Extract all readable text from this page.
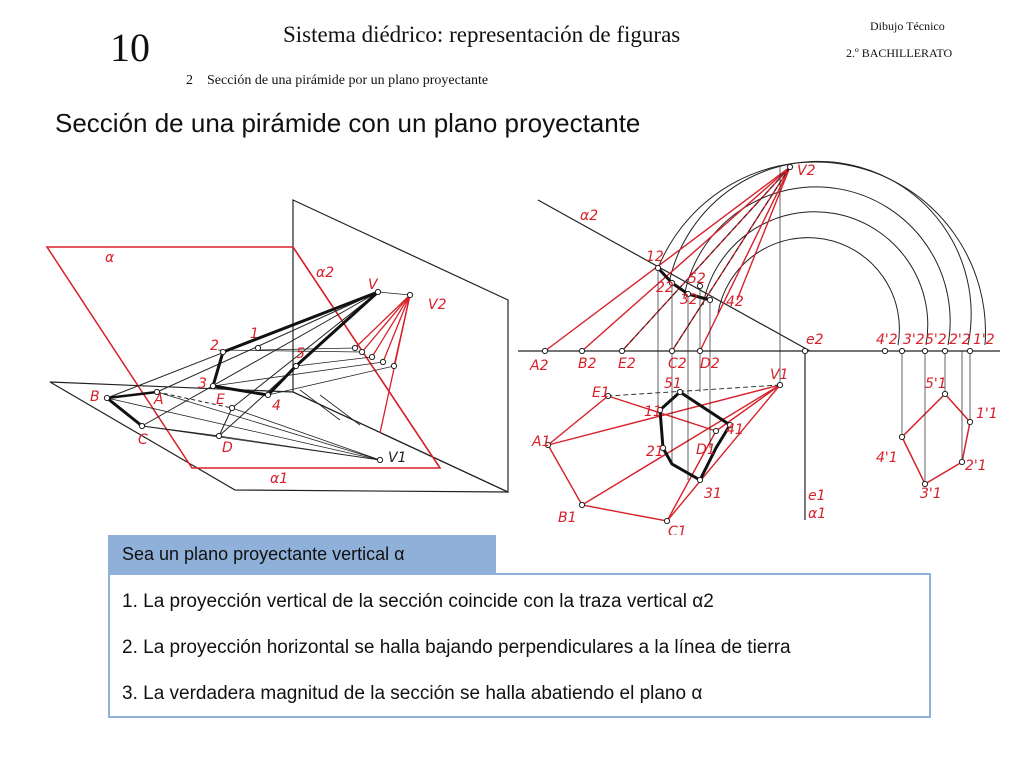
10	Sistema diédrico: representación de figuras
2 Sección de una pirámide por un plano proyectante
Dibujo Técnico
2.º BACHILLERATO
Sección de una pirámide con un plano proyectante
α
α2
α1
V
V2
V1
1
2
3
4
5
B	A	E
C	D
V2
α2
12
22
32 42
52
A2 B2 E2 C2 D2
e2	4'2 3'2 5'2 2'2 1'2
V1
E1
51
11
41
A1
21 D1
31
B1
C1
e1
α1
5'1
1'1
4'1	2'1
3'1
Sea un plano proyectante vertical α
1. La proyección vertical de la sección coincide con la traza vertical α2
2. La proyección horizontal se halla bajando perpendiculares a la línea de tierra
3. La verdadera magnitud de la sección se halla abatiendo el plano α
